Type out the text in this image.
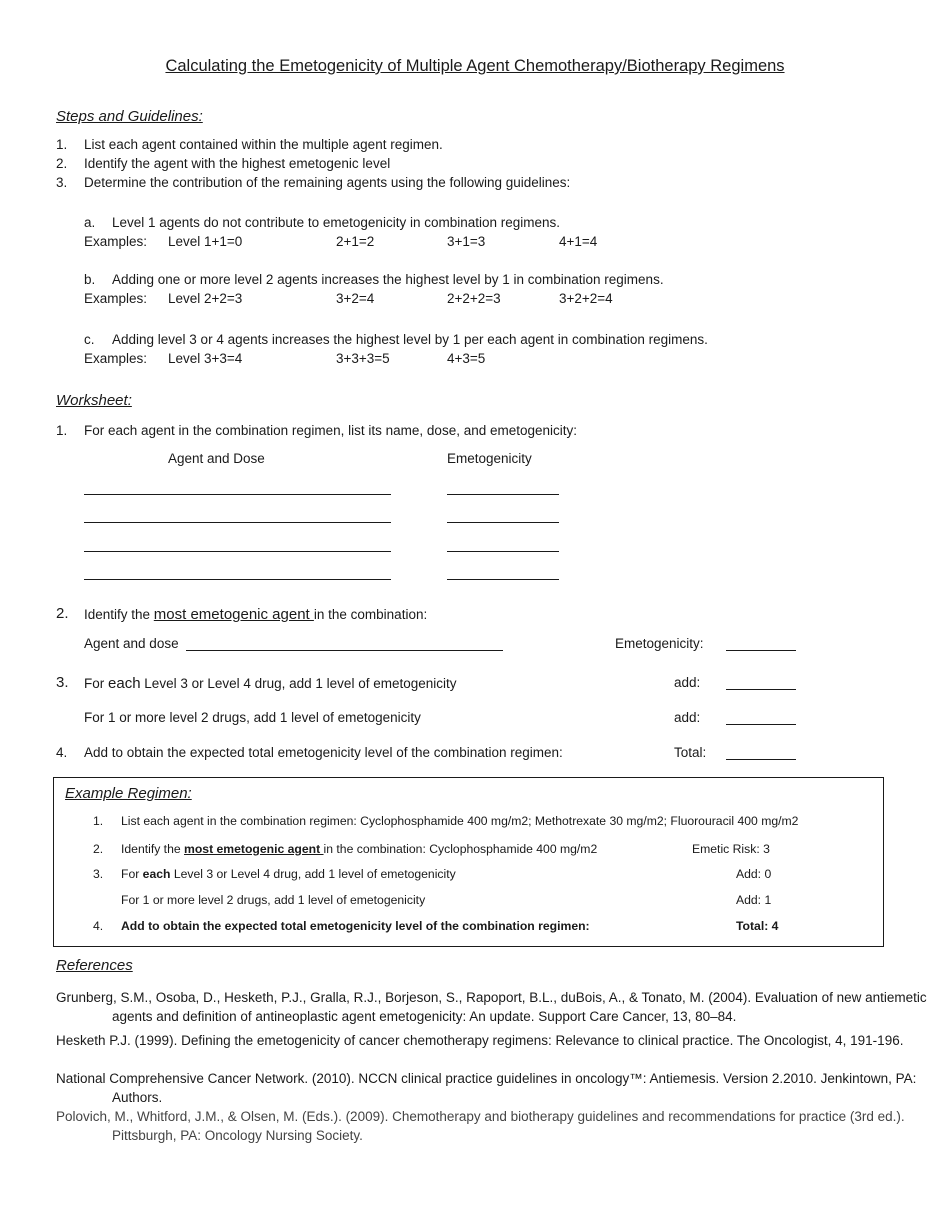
Calculating the Emetogenicity of Multiple Agent Chemotherapy/Biotherapy Regimens
Steps and Guidelines:
1. List each agent contained within the multiple agent regimen.
2. Identify the agent with the highest emetogenic level
3. Determine the contribution of the remaining agents using the following guidelines:
a. Level 1 agents do not contribute to emetogenicity in combination regimens.
Examples: Level 1+1=0	2+1=2	3+1=3	4+1=4
b. Adding one or more level 2 agents increases the highest level by 1 in combination regimens.
Examples: Level 2+2=3	3+2=4	2+2+2=3	3+2+2=4
c. Adding level 3 or 4 agents increases the highest level by 1 per each agent in combination regimens.
Examples: Level 3+3=4	3+3+3=5	4+3=5
Worksheet:
1. For each agent in the combination regimen, list its name, dose, and emetogenicity:
Agent and Dose	Emetogenicity
2. Identify the most emetogenic agent in the combination:
Agent and dose	Emetogenicity:
3. For each Level 3 or Level 4 drug, add 1 level of emetogenicity	add:
For 1 or more level 2 drugs, add 1 level of emetogenicity	add:
4. Add to obtain the expected total emetogenicity level of the combination regimen:	Total:
Example Regimen:
1. List each agent in the combination regimen: Cyclophosphamide 400 mg/m2; Methotrexate 30 mg/m2; Fluorouracil 400 mg/m2
2. Identify the most emetogenic agent in the combination: Cyclophosphamide 400 mg/m2	Emetic Risk: 3
3. For each Level 3 or Level 4 drug, add 1 level of emetogenicity	Add: 0
For 1 or more level 2 drugs, add 1 level of emetogenicity	Add: 1
4. Add to obtain the expected total emetogenicity level of the combination regimen:	Total: 4
References
Grunberg, S.M., Osoba, D., Hesketh, P.J., Gralla, R.J., Borjeson, S., Rapoport, B.L., duBois, A., & Tonato, M. (2004). Evaluation of new antiemetic agents and definition of antineoplastic agent emetogenicity: An update. Support Care Cancer, 13, 80–84.
Hesketh P.J. (1999). Defining the emetogenicity of cancer chemotherapy regimens: Relevance to clinical practice. The Oncologist, 4, 191-196.
National Comprehensive Cancer Network. (2010). NCCN clinical practice guidelines in oncology™: Antiemesis. Version 2.2010. Jenkintown, PA: Authors.
Polovich, M., Whitford, J.M., & Olsen, M. (Eds.). (2009). Chemotherapy and biotherapy guidelines and recommendations for practice (3rd ed.). Pittsburgh, PA: Oncology Nursing Society.
